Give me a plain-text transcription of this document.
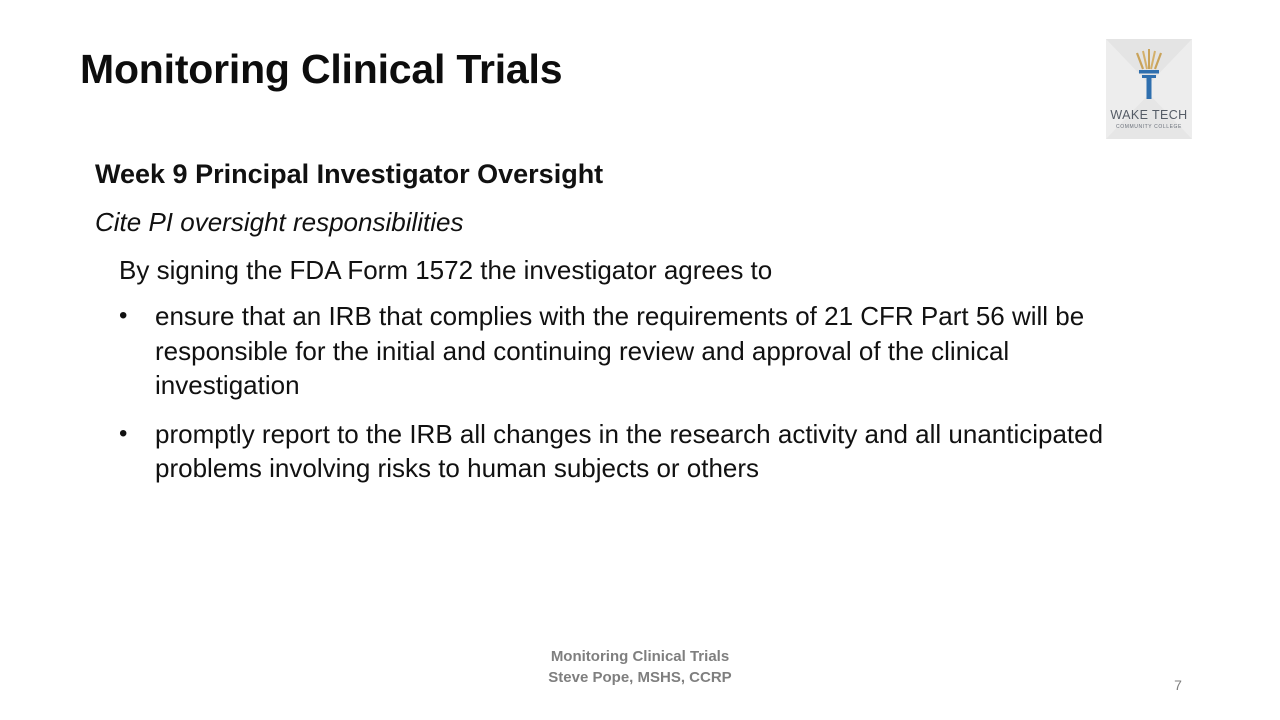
Monitoring Clinical Trials
WAKE TECH
COMMUNITY COLLEGE
Week 9 Principal Investigator Oversight
Cite PI oversight responsibilities
By signing the FDA Form 1572 the investigator agrees to
• ensure that an IRB that complies with the requirements of 21 CFR Part 56 will be responsible for the initial and continuing review and approval of the clinical investigation
• promptly report to the IRB all changes in the research activity and all unanticipated problems involving risks to human subjects or others
Monitoring Clinical Trials
Steve Pope, MSHS, CCRP	7
